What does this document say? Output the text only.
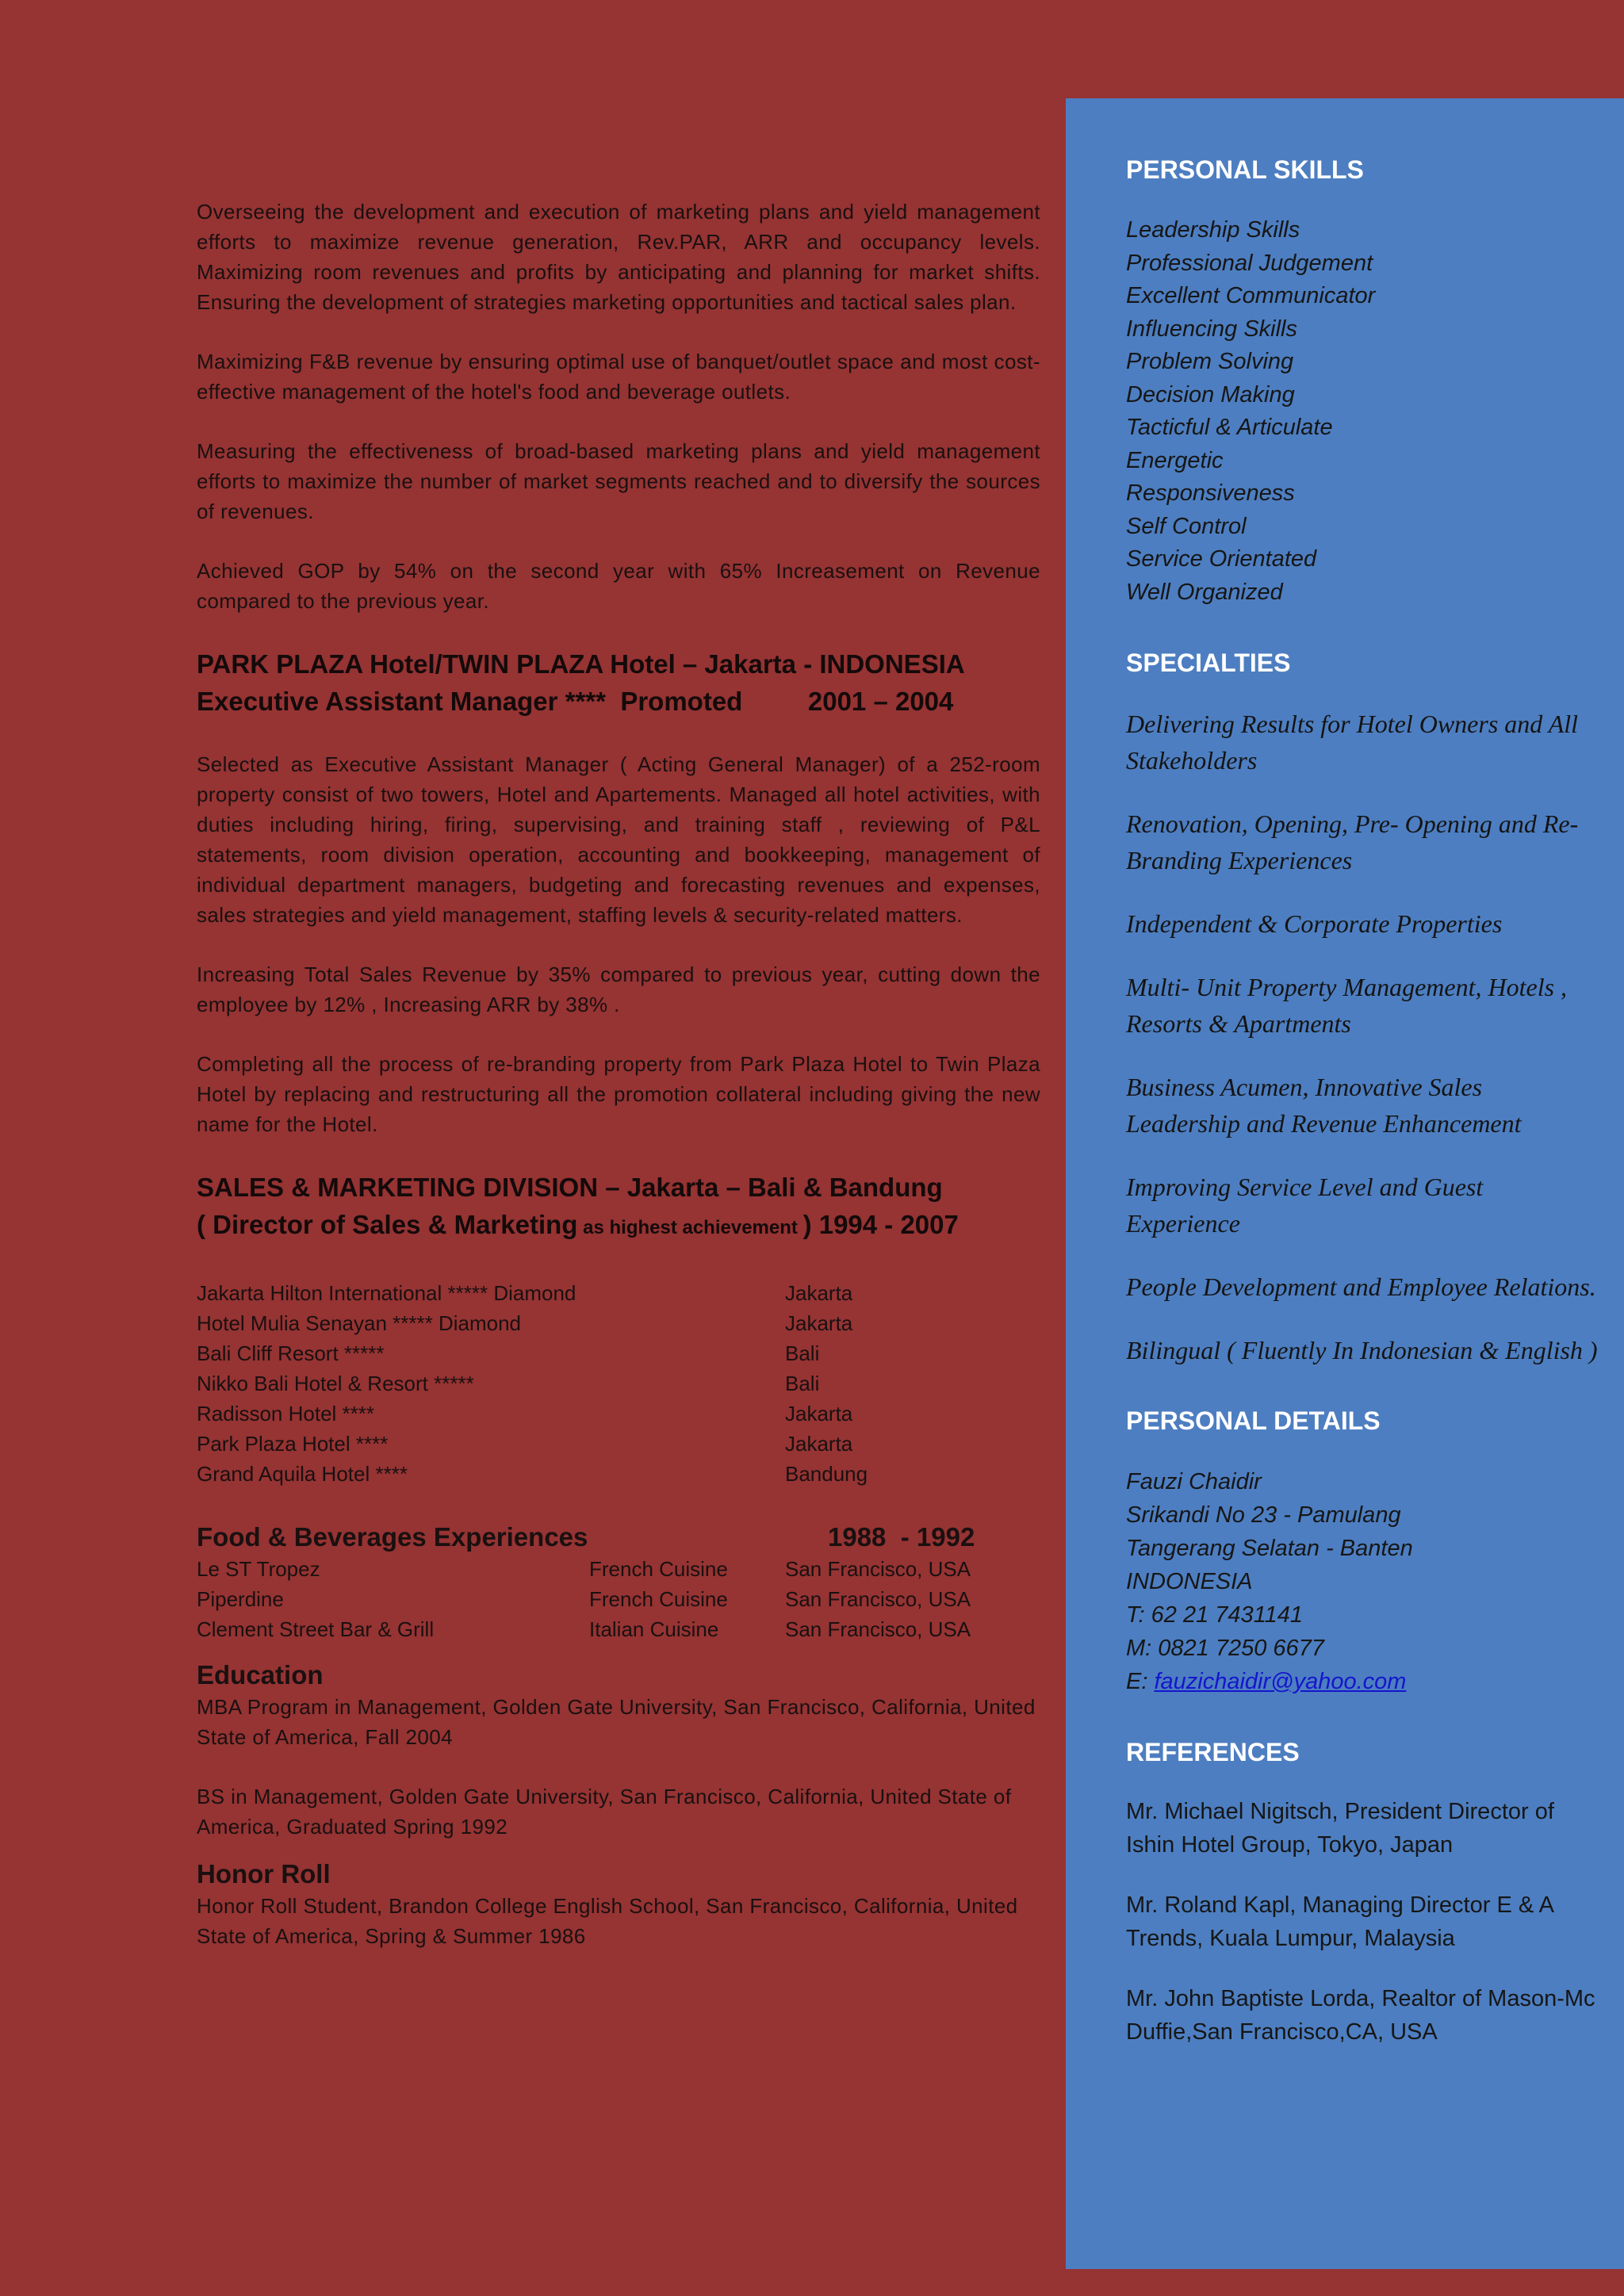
Overseeing the development and execution of marketing plans and yield management efforts to maximize revenue generation, Rev.PAR, ARR and occupancy levels. Maximizing room revenues and profits by anticipating and planning for market shifts. Ensuring the development of strategies marketing opportunities and tactical sales plan.

Maximizing F&B revenue by ensuring optimal use of banquet/outlet space and most cost-effective management of the hotel's food and beverage outlets.

Measuring the effectiveness of broad-based marketing plans and yield management efforts to maximize the number of market segments reached and to diversify the sources of revenues.

Achieved GOP by 54% on the second year with 65% Increasement on Revenue compared to the previous year.

PARK PLAZA Hotel/TWIN PLAZA Hotel – Jakarta - INDONESIA
Executive Assistant Manager ****  Promoted         2001 – 2004

Selected as Executive Assistant Manager ( Acting General Manager) of a 252-room property consist of two towers, Hotel and Apartements. Managed all hotel activities, with duties including hiring, firing, supervising, and training staff , reviewing of P&L statements, room division operation, accounting and bookkeeping, management of individual department managers, budgeting and forecasting revenues and expenses, sales strategies and yield management, staffing levels & security-related matters.

Increasing Total Sales Revenue by 35% compared to previous year, cutting down the employee by 12% , Increasing ARR by 38% .

Completing all the process of re-branding property from Park Plaza Hotel to Twin Plaza Hotel by replacing and restructuring all the promotion collateral including giving the new name for the Hotel.

SALES & MARKETING DIVISION – Jakarta – Bali & Bandung
( Director of Sales & Marketing as highest achievement ) 1994 - 2007
Jakarta Hilton International ***** Diamond	Jakarta
Hotel Mulia Senayan ***** Diamond	Jakarta
Bali Cliff Resort *****	Bali
Nikko Bali Hotel & Resort *****	Bali
Radisson Hotel ****	Jakarta
Park Plaza Hotel ****	Jakarta
Grand Aquila Hotel ****	Bandung
Food & Beverages Experiences	1988  - 1992
Le ST Tropez	French Cuisine	San Francisco, USA
Piperdine	French Cuisine	San Francisco, USA
Clement Street Bar & Grill	Italian Cuisine	San Francisco, USA
Education

MBA Program in Management, Golden Gate University, San Francisco, California, United State of America, Fall 2004

BS in Management, Golden Gate University, San Francisco, California, United State of America, Graduated Spring 1992

Honor Roll

Honor Roll Student, Brandon College English School, San Francisco, California, United State of America, Spring & Summer 1986

PERSONAL SKILLS
Leadership Skills
Professional Judgement
Excellent Communicator
Influencing Skills
Problem Solving
Decision Making
Tacticful & Articulate
Energetic
Responsiveness
Self Control
Service Orientated
Well Organized
SPECIALTIES
Delivering Results for Hotel Owners and All Stakeholders
Renovation, Opening, Pre- Opening and Re-Branding Experiences
Independent & Corporate Properties
Multi- Unit Property Management, Hotels , Resorts & Apartments
Business Acumen, Innovative Sales Leadership and Revenue Enhancement
Improving Service Level and Guest Experience
People Development and Employee Relations.
Bilingual ( Fluently In Indonesian & English )
PERSONAL DETAILS
Fauzi Chaidir
Srikandi No 23 - Pamulang
Tangerang Selatan - Banten
INDONESIA
T: 62 21 7431141
M: 0821 7250 6677
E: fauzichaidir@yahoo.com
REFERENCES
Mr. Michael Nigitsch, President Director of Ishin Hotel Group, Tokyo, Japan
Mr. Roland Kapl, Managing Director E & A Trends, Kuala Lumpur, Malaysia
Mr. John Baptiste Lorda, Realtor of Mason-Mc Duffie,San Francisco,CA, USA
